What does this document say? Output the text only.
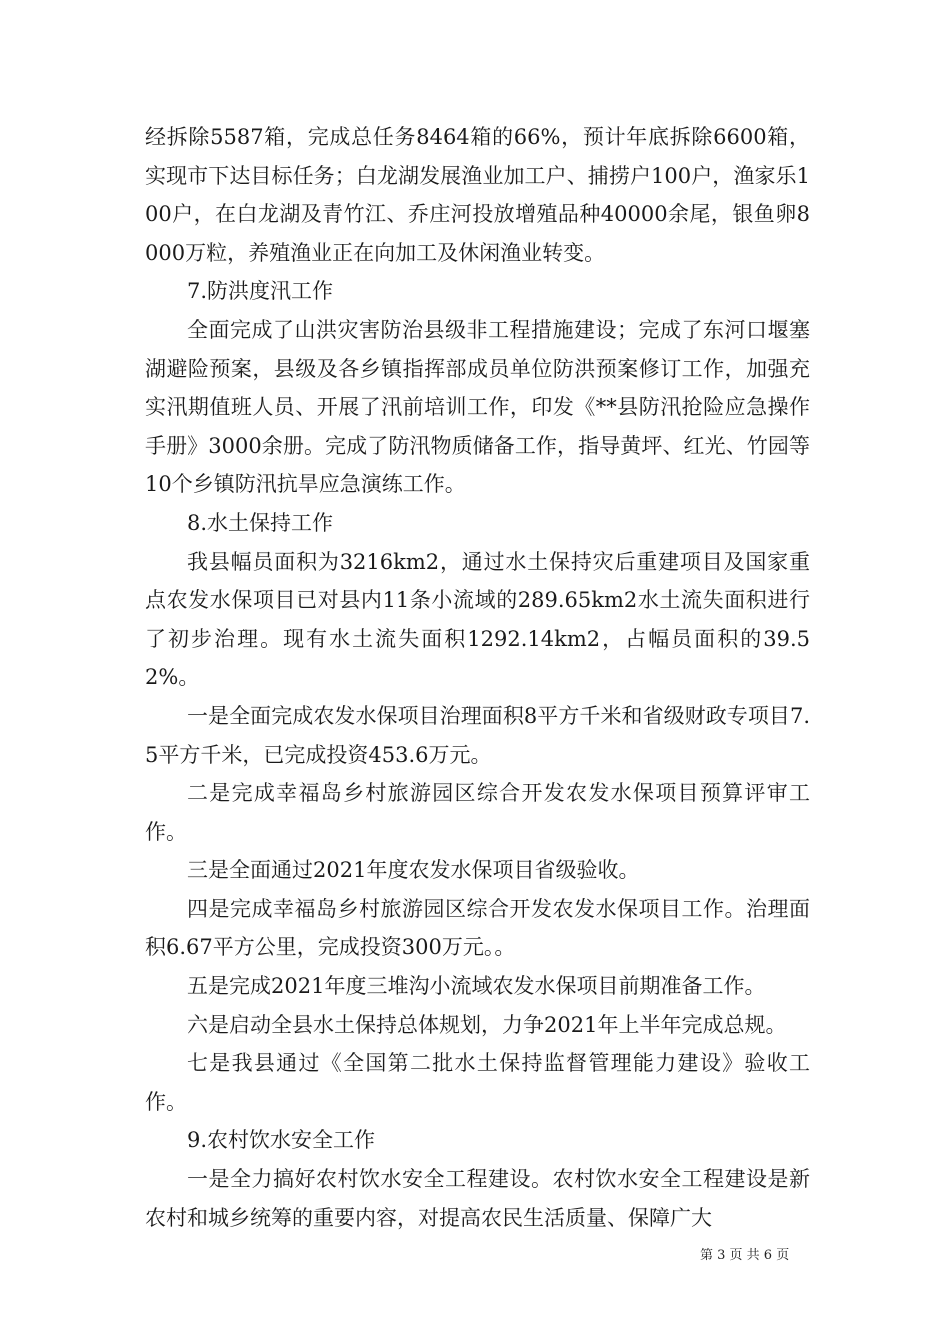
经拆除5587箱，完成总任务8464箱的66%，预计年底拆除6600箱，实现市下达目标任务；白龙湖发展渔业加工户、捕捞户100户，渔家乐100户，在白龙湖及青竹江、乔庄河投放增殖品种40000余尾，银鱼卵8000万粒，养殖渔业正在向加工及休闲渔业转变。

7.防洪度汛工作

全面完成了山洪灾害防治县级非工程措施建设；完成了东河口堰塞湖避险预案，县级及各乡镇指挥部成员单位防洪预案修订工作，加强充实汛期值班人员、开展了汛前培训工作，印发《**县防汛抢险应急操作手册》3000余册。完成了防汛物质储备工作，指导黄坪、红光、竹园等10个乡镇防汛抗旱应急演练工作。

8.水土保持工作

我县幅员面积为3216km2，通过水土保持灾后重建项目及国家重点农发水保项目已对县内11条小流域的289.65km2水土流失面积进行了初步治理。现有水土流失面积1292.14km2，占幅员面积的39.52%。

一是全面完成农发水保项目治理面积8平方千米和省级财政专项目7.5平方千米，已完成投资453.6万元。

二是完成幸福岛乡村旅游园区综合开发农发水保项目预算评审工作。

三是全面通过2021年度农发水保项目省级验收。

四是完成幸福岛乡村旅游园区综合开发农发水保项目工作。治理面积6.67平方公里，完成投资300万元。。

五是完成2021年度三堆沟小流域农发水保项目前期准备工作。

六是启动全县水土保持总体规划，力争2021年上半年完成总规。

七是我县通过《全国第二批水土保持监督管理能力建设》验收工作。

9.农村饮水安全工作

一是全力搞好农村饮水安全工程建设。农村饮水安全工程建设是新农村和城乡统筹的重要内容，对提高农民生活质量、保障广大

第 3 页 共 6 页
